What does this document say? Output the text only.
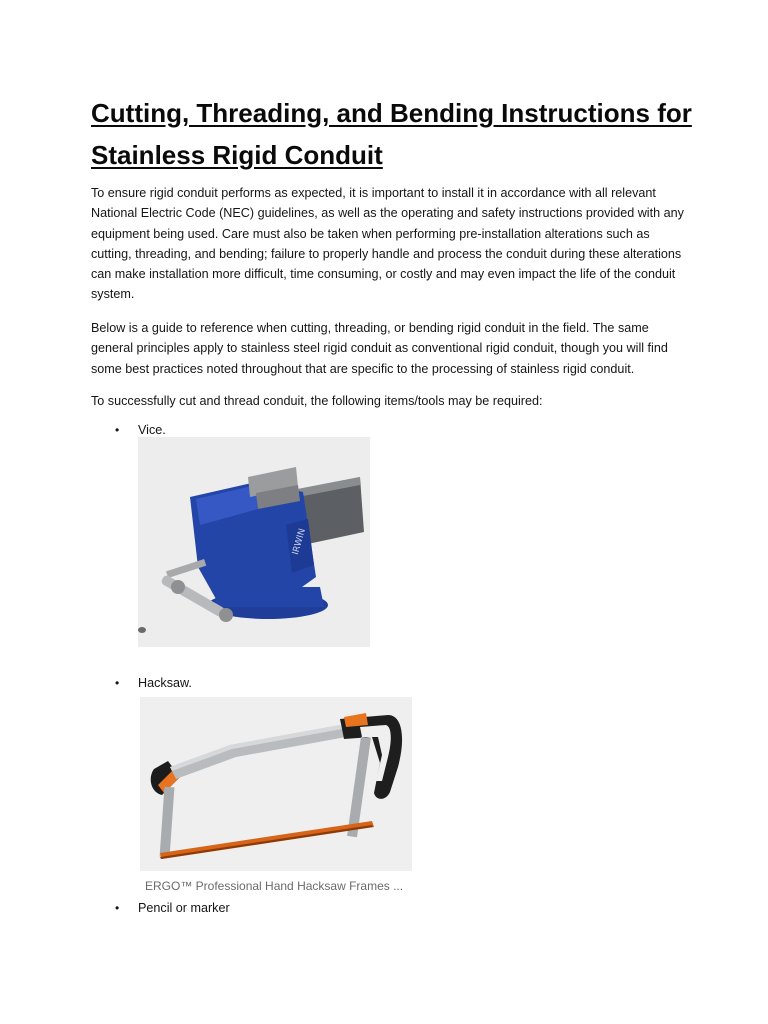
Cutting, Threading, and Bending Instructions for Stainless Rigid Conduit

To ensure rigid conduit performs as expected, it is important to install it in accordance with all relevant National Electric Code (NEC) guidelines, as well as the operating and safety instructions provided with any equipment being used. Care must also be taken when performing pre-installation alterations such as cutting, threading, and bending; failure to properly handle and process the conduit during these alterations can make installation more difficult, time consuming, or costly and may even impact the life of the conduit system.

Below is a guide to reference when cutting, threading, or bending rigid conduit in the field. The same general principles apply to stainless steel rigid conduit as conventional rigid conduit, though you will find some best practices noted throughout that are specific to the processing of stainless rigid conduit.

To successfully cut and thread conduit, the following items/tools may be required:

• Vice.
IRWIN
• Hacksaw.

ERGO™ Professional Hand Hacksaw Frames ...

• Pencil or marker
